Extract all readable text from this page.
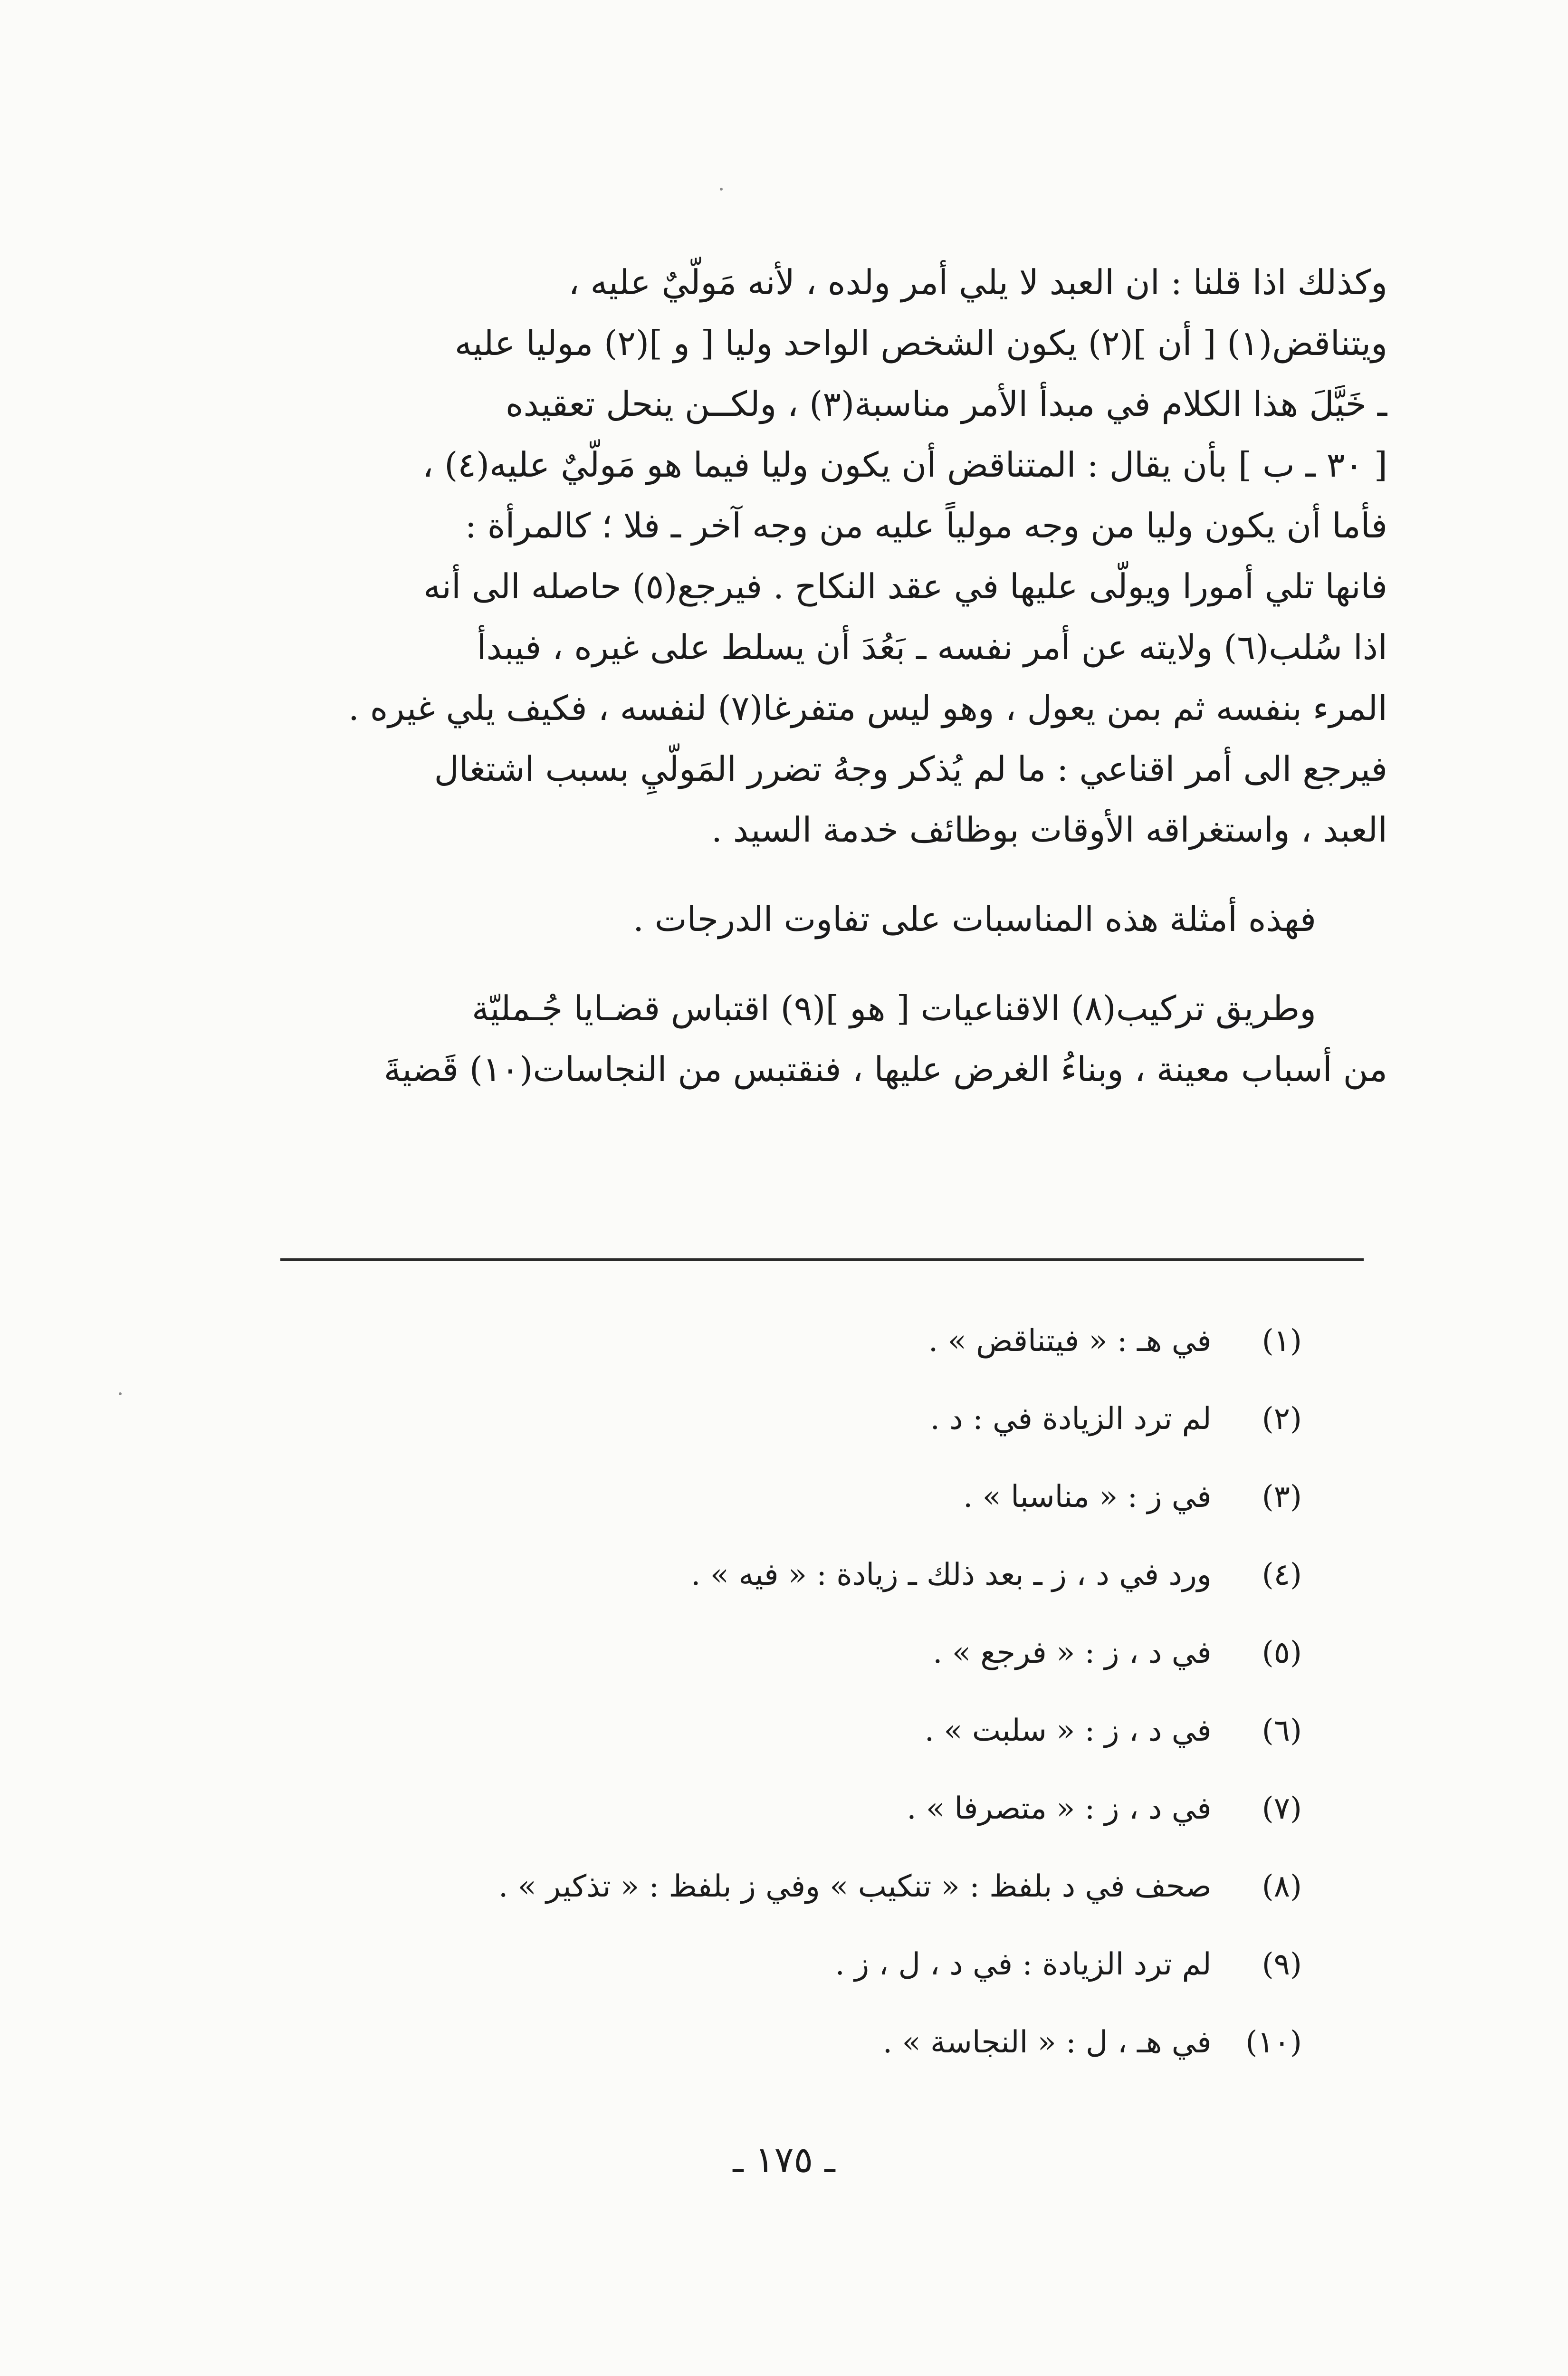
وكذلك اذا قلنا : ان العبد لا يلي أمر ولده ، لأنه مَولّيٌ عليه ،
ويتناقض(١) [ أن ](٢) يكون الشخص الواحد وليا [ و ](٢) موليا عليه
ـ خَيَّلَ هذا الكلام في مبدأ الأمر مناسبة(٣) ، ولكــن ينحل تعقيده
[ ٣٠ ـ ب ] بأن يقال : المتناقض أن يكون وليا فيما هو مَولّيٌ عليه(٤) ،
فأما أن يكون وليا من وجه مولياً عليه من وجه آخر ـ فلا ؛ كالمرأة :
فانها تلي أمورا ويولّى عليها في عقد النكاح . فيرجع(٥) حاصله الى أنه
اذا سُلب(٦) ولايته عن أمر نفسه ـ بَعُدَ أن يسلط على غيره ، فيبدأ
المرء بنفسه ثم بمن يعول ، وهو ليس متفرغا(٧) لنفسه ، فكيف يلي غيره .
فيرجع الى أمر اقناعي : ما لم يُذكر وجهُ تضرر المَولّيِ بسبب اشتغال
العبد ، واستغراقه الأوقات بوظائف خدمة السيد .
فهذه أمثلة هذه المناسبات على تفاوت الدرجات .
وطريق تركيب(٨) الاقناعيات [ هو ](٩) اقتباس قضـايا جُـمليّة
من أسباب معينة ، وبناءُ الغرض عليها ، فنقتبس من النجاسات(١٠) قَضيةَ
(١) في هـ : « فيتناقض » .
(٢) لم ترد الزيادة في : د .
(٣) في ز : « مناسبا » .
(٤) ورد في د ، ز ـ بعد ذلك ـ زيادة : « فيه » .
(٥) في د ، ز : « فرجع » .
(٦) في د ، ز : « سلبت » .
(٧) في د ، ز : « متصرفا » .
(٨) صحف في د بلفظ : « تنكيب » وفي ز بلفظ : « تذكير » .
(٩) لم ترد الزيادة : في د ، ل ، ز .
(١٠) في هـ ، ل : « النجاسة » .
ـ ١٧٥ ـ
